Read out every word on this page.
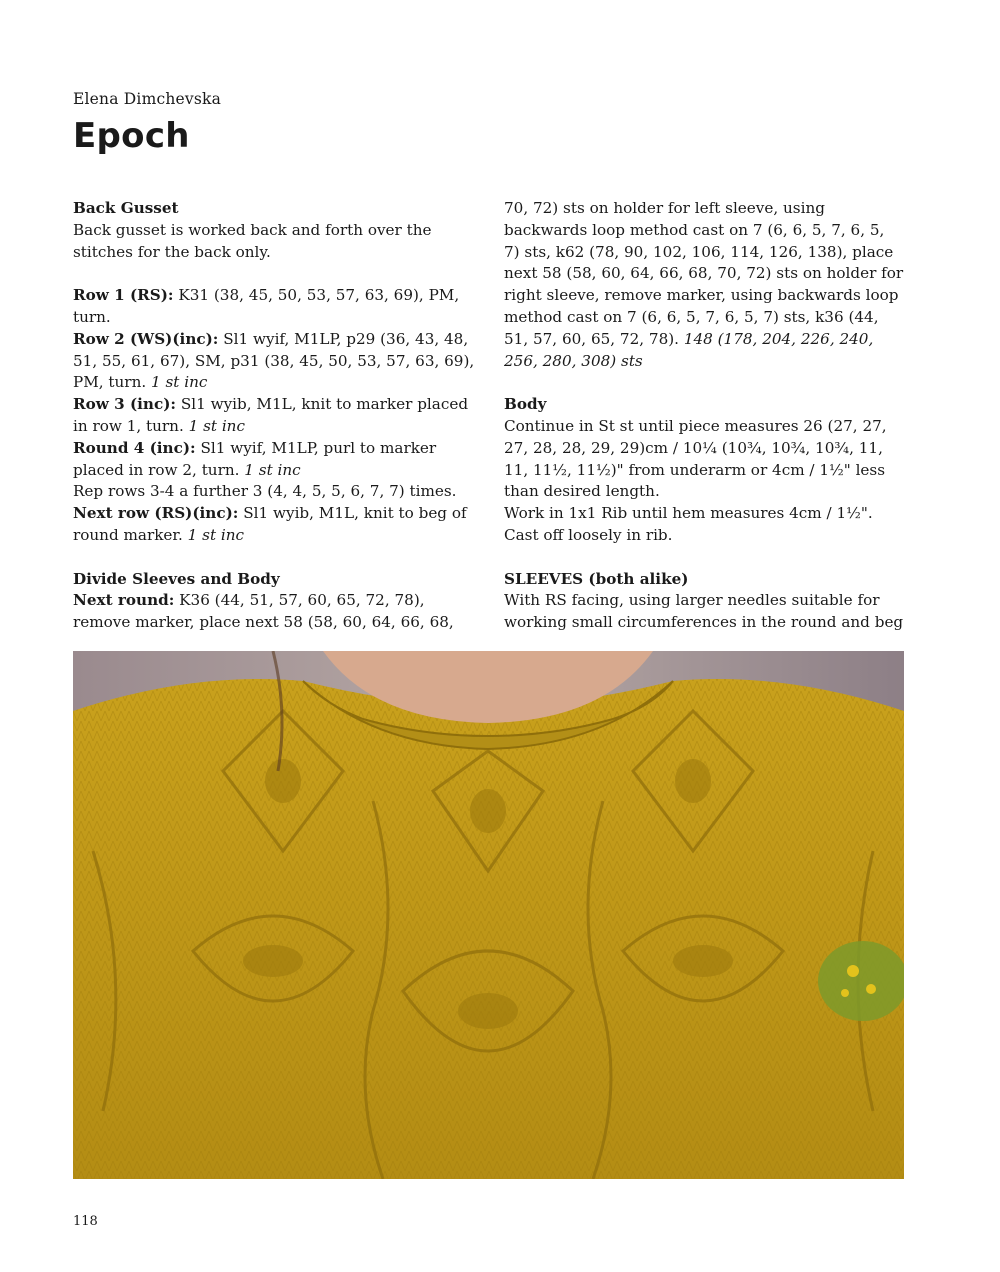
Elena Dimchevska
Epoch

Back Gusset
Back gusset is worked back and forth over the stitches for the back only.

Row 1 (RS): K31 (38, 45, 50, 53, 57, 63, 69), PM, turn.
Row 2 (WS)(inc): Sl1 wyif, M1LP, p29 (36, 43, 48, 51, 55, 61, 67), SM, p31 (38, 45, 50, 53, 57, 63, 69), PM, turn. 1 st inc
Row 3 (inc): Sl1 wyib, M1L, knit to marker placed in row 1, turn. 1 st inc
Round 4 (inc): Sl1 wyif, M1LP, purl to marker placed in row 2, turn. 1 st inc
Rep rows 3-4 a further 3 (4, 4, 5, 5, 6, 7, 7) times.
Next row (RS)(inc): Sl1 wyib, M1L, knit to beg of round marker. 1 st inc

Divide Sleeves and Body
Next round: K36 (44, 51, 57, 60, 65, 72, 78), remove marker, place next 58 (58, 60, 64, 66, 68,

70, 72) sts on holder for left sleeve, using backwards loop method cast on 7 (6, 6, 5, 7, 6, 5, 7) sts, k62 (78, 90, 102, 106, 114, 126, 138), place next 58 (58, 60, 64, 66, 68, 70, 72) sts on holder for right sleeve, remove marker, using backwards loop method cast on 7 (6, 6, 5, 7, 6, 5, 7) sts, k36 (44, 51, 57, 60, 65, 72, 78). 148 (178, 204, 226, 240, 256, 280, 308) sts

Body
Continue in St st until piece measures 26 (27, 27, 27, 28, 28, 29, 29)cm / 10¼ (10¾, 10¾, 10¾, 11, 11, 11½, 11½)" from underarm or 4cm / 1½" less than desired length.
Work in 1x1 Rib until hem measures 4cm / 1½". Cast off loosely in rib.

SLEEVES (both alike)
With RS facing, using larger needles suitable for working small circumferences in the round and beg

118
